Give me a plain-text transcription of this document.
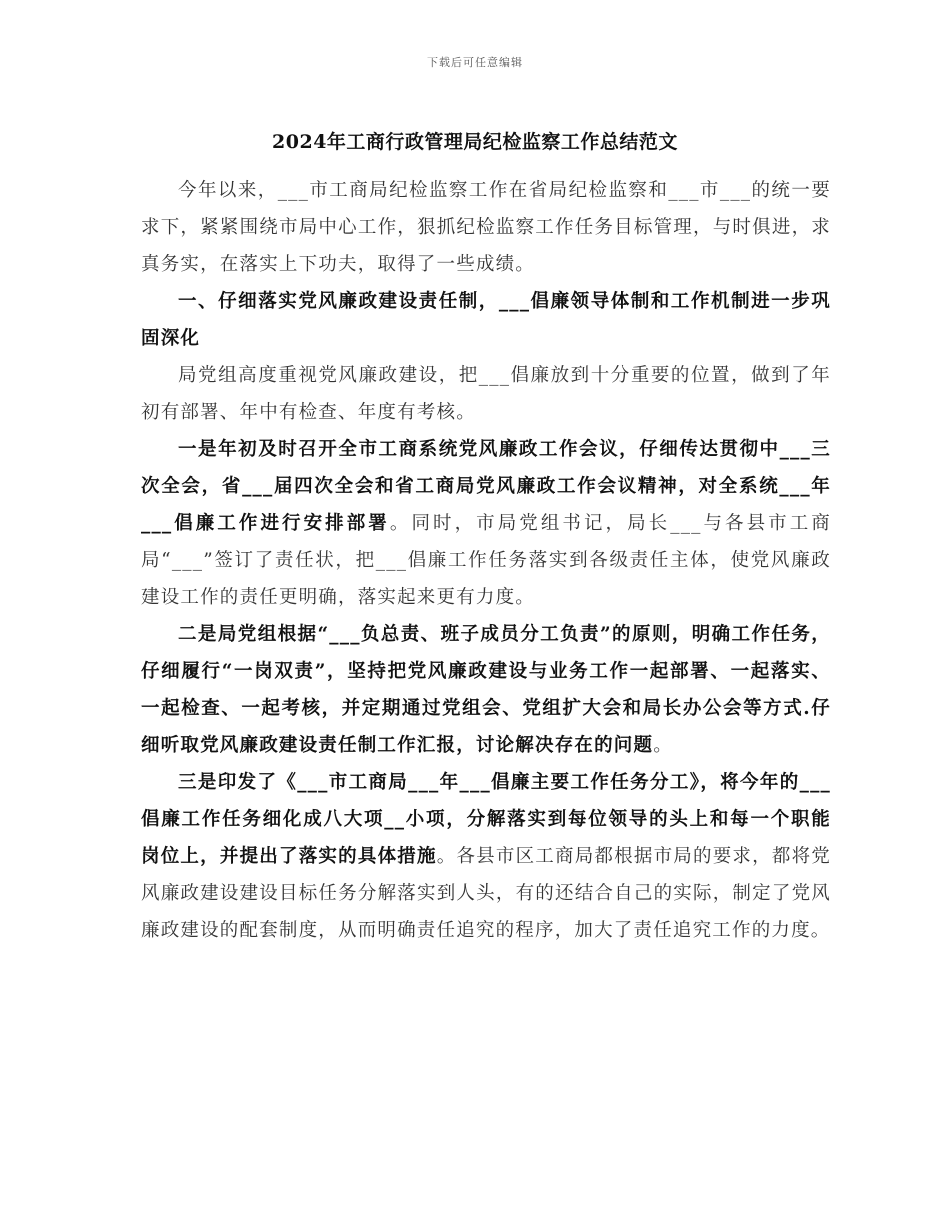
下载后可任意编辑
2024年工商行政管理局纪检监察工作总结范文

今年以来，___市工商局纪检监察工作在省局纪检监察和___市___的统一要求下，紧紧围绕市局中心工作，狠抓纪检监察工作任务目标管理，与时俱进，求真务实，在落实上下功夫，取得了一些成绩。

一、仔细落实党风廉政建设责任制，___倡廉领导体制和工作机制进一步巩固深化

局党组高度重视党风廉政建设，把___倡廉放到十分重要的位置，做到了年初有部署、年中有检查、年度有考核。

一是年初及时召开全市工商系统党风廉政工作会议，仔细传达贯彻中___三次全会，省___届四次全会和省工商局党风廉政工作会议精神，对全系统___年___倡廉工作进行安排部署。同时，市局党组书记，局长___与各县市工商局“___”签订了责任状，把___倡廉工作任务落实到各级责任主体，使党风廉政建设工作的责任更明确，落实起来更有力度。

二是局党组根据“___负总责、班子成员分工负责”的原则，明确工作任务，仔细履行“一岗双责”，坚持把党风廉政建设与业务工作一起部署、一起落实、一起检查、一起考核，并定期通过党组会、党组扩大会和局长办公会等方式.仔细听取党风廉政建设责任制工作汇报，讨论解决存在的问题。

三是印发了《___市工商局___年___倡廉主要工作任务分工》，将今年的___倡廉工作任务细化成八大项__小项，分解落实到每位领导的头上和每一个职能岗位上，并提出了落实的具体措施。各县市区工商局都根据市局的要求，都将党风廉政建设建设目标任务分解落实到人头，有的还结合自己的实际，制定了党风廉政建设的配套制度，从而明确责任追究的程序，加大了责任追究工作的力度。
